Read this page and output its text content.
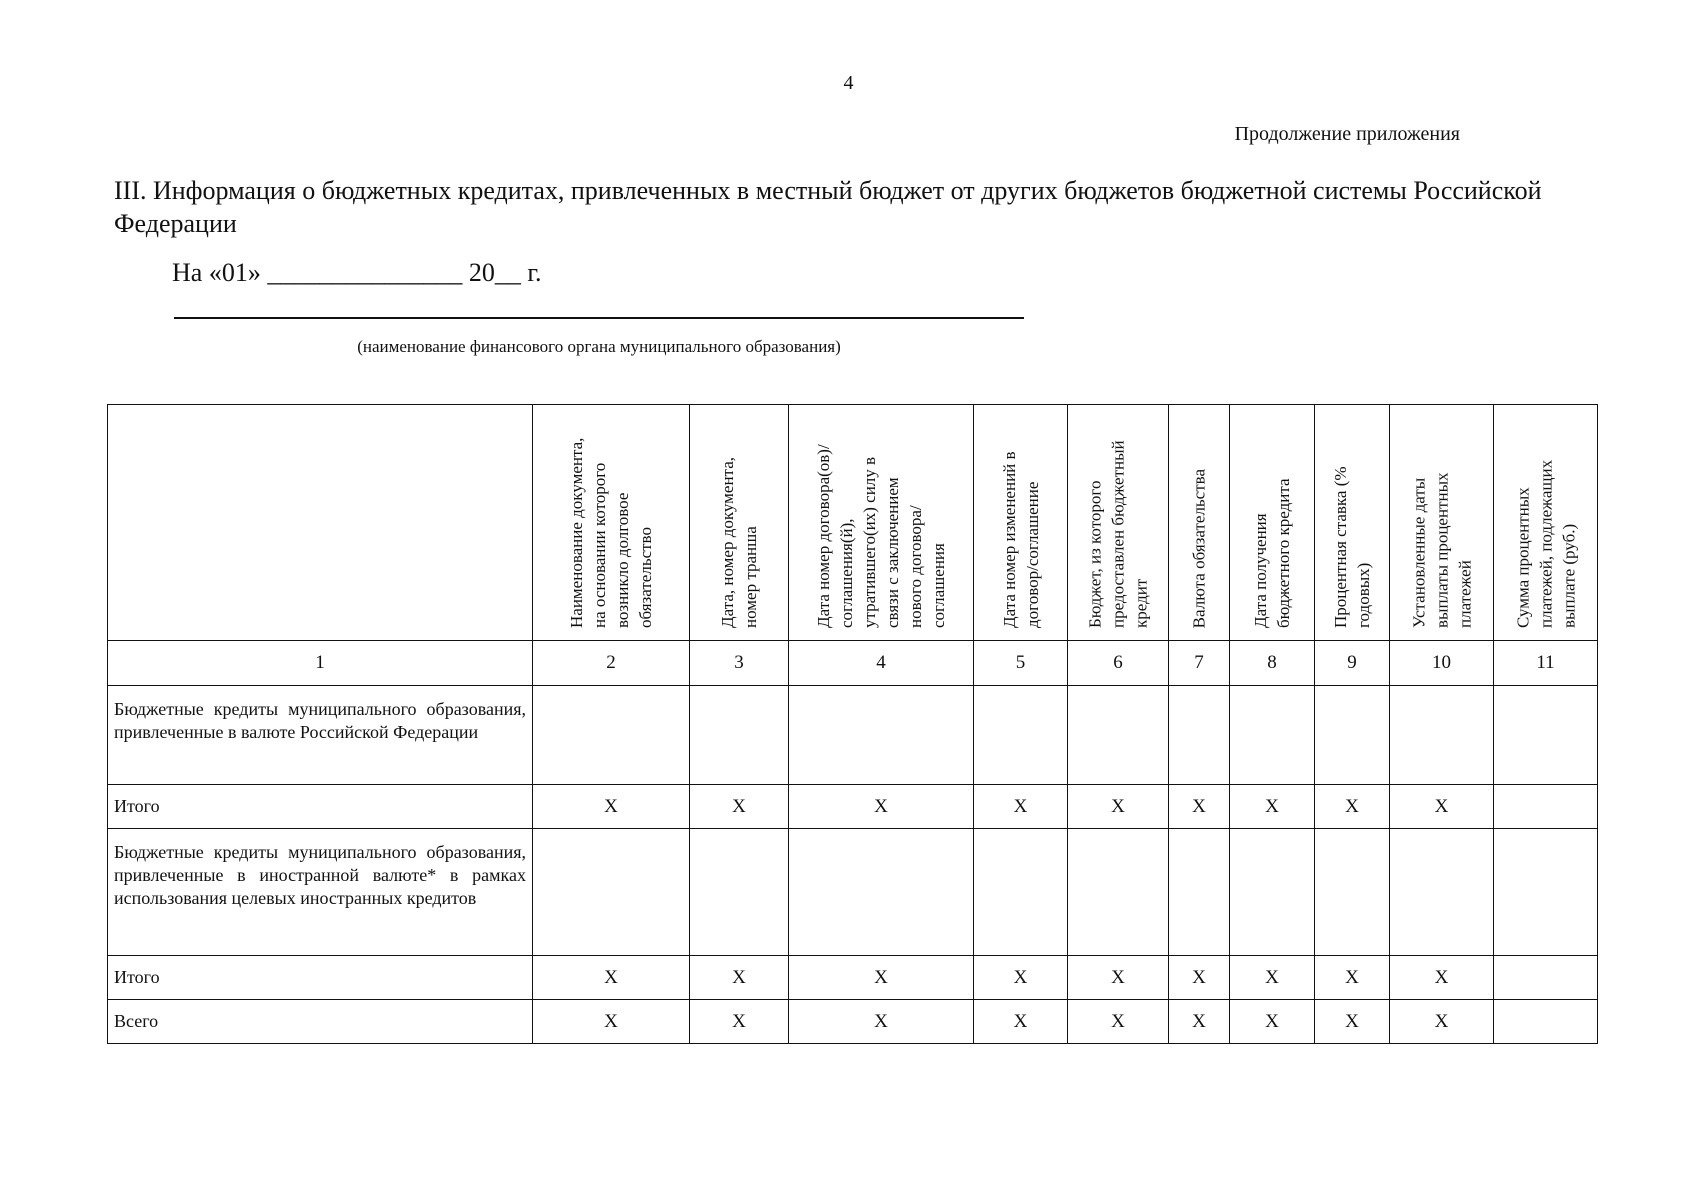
4
Продолжение приложения
III. Информация о бюджетных кредитах, привлеченных в местный бюджет от других бюджетов бюджетной системы Российской Федерации
На «01» _______________ 20__ г.
(наименование финансового органа муниципального образования)

	Наименование документа, на основании которого возникло долговое обязательство	Дата, номер документа, номер транша	Дата номер договора(ов)/соглашения(й), утратившего(их) силу в связи с заключением нового договора/соглашения	Дата номер изменений в договор/соглашение	Бюджет, из которого предоставлен бюджетный кредит	Валюта обязательства	Дата получения бюджетного кредита	Процентная ставка (% годовых)	Установленные даты выплаты процентных платежей	Сумма процентных платежей, подлежащих выплате (руб.)

1	2	3	4	5	6	7	8	9	10	11
Бюджетные кредиты муниципального образования, привлеченные в валюте Российской Федерации										
Итого	X	X	X	X	X	X	X	X	X	
Бюджетные кредиты муниципального образования, привлеченные в иностранной валюте* в рамках использования целевых иностранных кредитов										
Итого	X	X	X	X	X	X	X	X	X	
Всего	X	X	X	X	X	X	X	X	X	
